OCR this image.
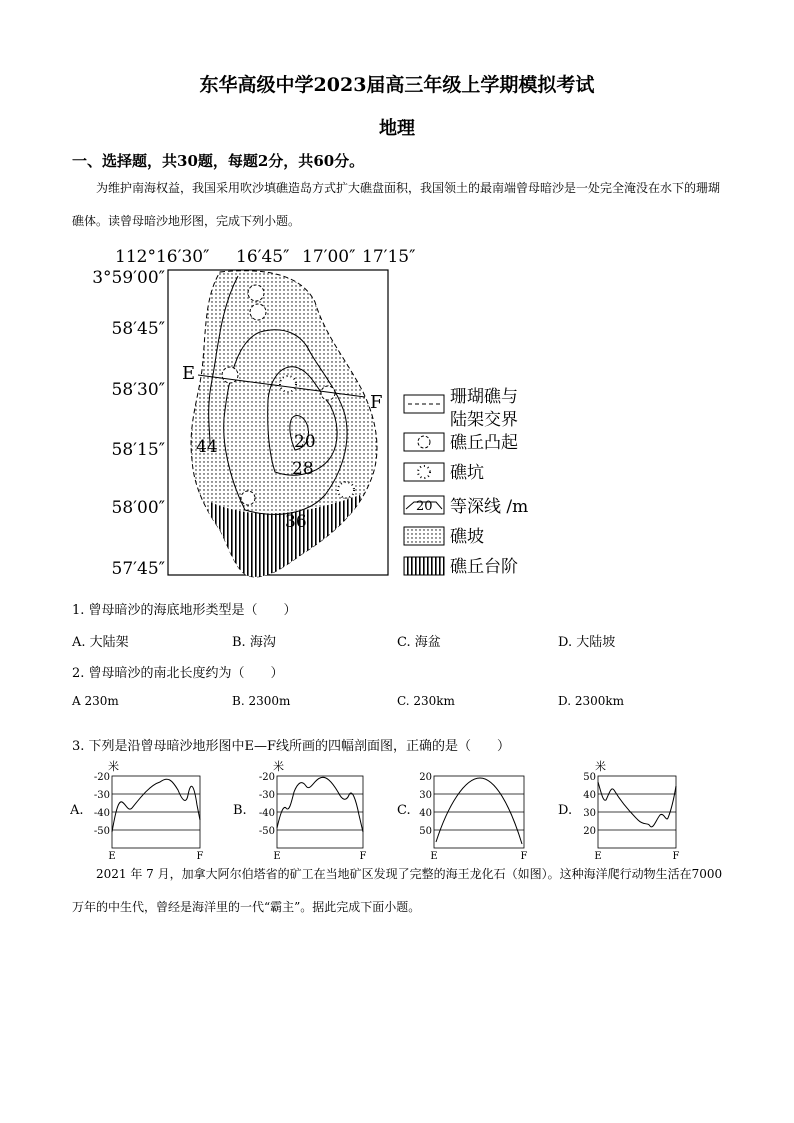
东华高级中学2023届高三年级上学期模拟考试
地理
一、选择题，共30题，每题2分，共60分。
为维护南海权益，我国采用吹沙填礁造岛方式扩大礁盘面积，我国领土的最南端曾母暗沙是一处完全淹没在水下的珊瑚礁体。读曾母暗沙地形图，完成下列小题。
E
F
44	20
28
36
112°16′30″ 16′45″ 17′00″ 17′15″
3°59′00″
58′45″
58′30″
58′15″
58′00″
57′45″
珊瑚礁与
陆架交界
礁丘凸起
礁坑
20 等深线 /m
礁坡
礁丘台阶
1. 曾母暗沙的海底地形类型是（　　）
A. 大陆架	B. 海沟	C. 海盆	D. 大陆坡
2. 曾母暗沙的南北长度约为（　　）
A 230m	B. 2300m	C. 230km	D. 2300km
3. 下列是沿曾母暗沙地形图中E—F线所画的四幅剖面图，正确的是（　　）
A.
米
-20
-30
-40
-50
E	F
B.
米
-20
-30
-40
-50
E	F
C.
20
30
40
50
E	F
D.
米
50
40
30
20
E	F
2021 年 7 月，加拿大阿尔伯塔省的矿工在当地矿区发现了完整的海王龙化石（如图）。这种海洋爬行动物生活在7000万年的中生代，曾经是海洋里的一代“霸主”。据此完成下面小题。
